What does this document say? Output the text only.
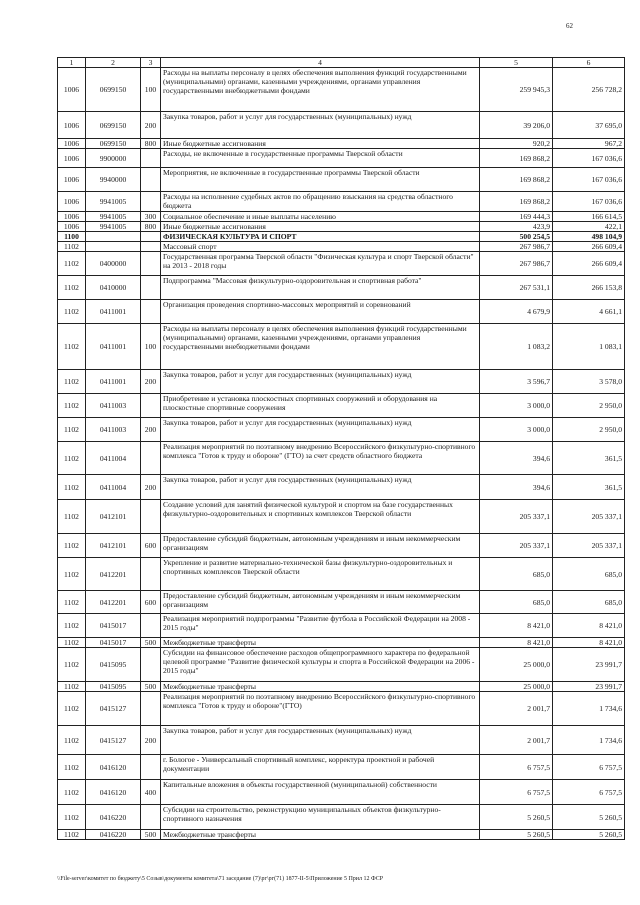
62
1	2	3	4	5	6
1006	0699150	100	Расходы на выплаты персоналу в целях обеспечения выполнения функций государственными (муниципальными) органами, казенными учреждениями, органами управления государственными внебюджетными фондами	259 945,3	256 728,2
1006	0699150	200	Закупка товаров, работ и услуг для государственных (муниципальных) нужд	39 206,0	37 695,0
1006	0699150	800	Иные бюджетные ассигнования	920,2	967,2
1006	9900000		Расходы, не включенные в государственные программы Тверской области	169 868,2	167 036,6
1006	9940000		Мероприятия, не включенные в государственные программы Тверской области	169 868,2	167 036,6
1006	9941005		Расходы на исполнение судебных актов по обращению взыскания на средства областного бюджета	169 868,2	167 036,6
1006	9941005	300	Социальное обеспечение и иные выплаты населению	169 444,3	166 614,5
1006	9941005	800	Иные бюджетные ассигнования	423,9	422,1
1100			ФИЗИЧЕСКАЯ КУЛЬТУРА И СПОРТ	500 254,5	498 104,9
1102			Массовый спорт	267 986,7	266 609,4
1102	0400000		Государственная программа Тверской области "Физическая культура и спорт Тверской области" на 2013 - 2018 годы	267 986,7	266 609,4
1102	0410000		Подпрограмма "Массовая физкультурно-оздоровительная и спортивная работа"	267 531,1	266 153,8
1102	0411001		Организация проведения спортивно-массовых мероприятий и соревнований	4 679,9	4 661,1
1102	0411001	100	Расходы на выплаты персоналу в целях обеспечения выполнения функций государственными (муниципальными) органами, казенными учреждениями, органами управления государственными внебюджетными фондами	1 083,2	1 083,1
1102	0411001	200	Закупка товаров, работ и услуг для государственных (муниципальных) нужд	3 596,7	3 578,0
1102	0411003		Приобретение и установка плоскостных спортивных сооружений и оборудования на плоскостные спортивные сооружения	3 000,0	2 950,0
1102	0411003	200	Закупка товаров, работ и услуг для государственных (муниципальных) нужд	3 000,0	2 950,0
1102	0411004		Реализация мероприятий по поэтапному внедрению Всероссийского физкультурно-спортивного комплекса "Готов к труду и обороне" (ГТО) за счет средств областного бюджета	394,6	361,5
1102	0411004	200	Закупка товаров, работ и услуг для государственных (муниципальных) нужд	394,6	361,5
1102	0412101		Создание условий для занятий физической культурой и спортом на базе государственных физкультурно-оздоровительных и спортивных комплексов Тверской области	205 337,1	205 337,1
1102	0412101	600	Предоставление субсидий бюджетным, автономным учреждениям и иным некоммерческим организациям	205 337,1	205 337,1
1102	0412201		Укрепление и развитие материально-технической базы физкультурно-оздоровительных и спортивных комплексов Тверской области	685,0	685,0
1102	0412201	600	Предоставление субсидий бюджетным, автономным учреждениям и иным некоммерческим организациям	685,0	685,0
1102	0415017		Реализация мероприятий подпрограммы "Развитие футбола в Российской Федерации на 2008 - 2015 годы"	8 421,0	8 421,0
1102	0415017	500	Межбюджетные трансферты	8 421,0	8 421,0
1102	0415095		Субсидии на финансовое обеспечение расходов общепрограммного характера по федеральной целевой программе "Развитие физической культуры и спорта в Российской Федерации на 2006 - 2015 годы"	25 000,0	23 991,7
1102	0415095	500	Межбюджетные трансферты	25 000,0	23 991,7
1102	0415127		Реализация мероприятий по поэтапному внедрению Всероссийского физкультурно-спортивного комплекса "Готов к труду и обороне"(ГТО)	2 001,7	1 734,6
1102	0415127	200	Закупка товаров, работ и услуг для государственных (муниципальных) нужд	2 001,7	1 734,6
1102	0416120		г. Бологое - Универсальный спортивный комплекс, корректура проектной и рабочей документации	6 757,5	6 757,5
1102	0416120	400	Капитальные вложения в объекты государственной (муниципальной) собственности	6 757,5	6 757,5
1102	0416220		Субсидии на строительство, реконструкцию муниципальных объектов физкультурно-спортивного назначения	5 260,5	5 260,5
1102	0416220	500	Межбюджетные трансферты	5 260,5	5 260,5
\\File-server\комитет по бюджету\5 Созыв\документы комитета\71 заседание (7)\рг\рг(71) 1877-II-5\Приложение 5 Прил 12 ФСР
